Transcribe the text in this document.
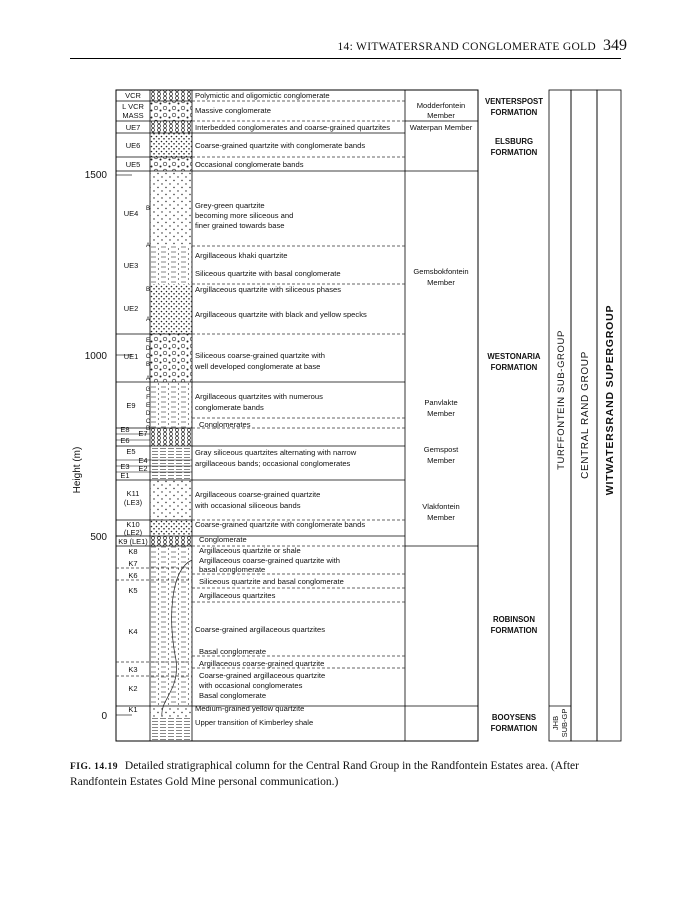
14: WITWATERSRAND CONGLOMERATE GOLD 349
1500
1000
500
0
Height (m)
VCR
L VCR
MASS
UE7
UE6
UE5
UE4
UE3
UE2
UE1
E9
E8 E7
E6
E5
E4
E3 E2
E1
K11
(LE3)
K10
(LE2)
K9 (LE1)
K8
K7
K6
K5
K4
K3
K2
K1
B
A
B
A
E
D
C
B
A
G
F
E
D
C
B
Polymictic and oligomictic conglomerate
Massive conglomerate
Interbedded conglomerates and coarse-grained quartzites
Coarse-grained quartzite with conglomerate bands
Occasional conglomerate bands
Grey-green quartzite
becoming more siliceous and
finer grained towards base
Argillaceous khaki quartzite
Siliceous quartzite with basal conglomerate
Argillaceous quartzite with siliceous phases
Argillaceous quartzite with black and yellow specks
Siliceous coarse-grained quartzite with
well developed conglomerate at base
Argillaceous quartzites with numerous
conglomerate bands
Conglomerates
Gray siliceous quartzites alternating with narrow
argillaceous bands; occasional conglomerates
Argillaceous coarse-grained quartzite
with occasional siliceous bands
Coarse-grained quartzite with conglomerate bands
Conglomerate
Argillaceous quartzite or shale
Argillaceous coarse-grained quartzite with
basal conglomerate
Siliceous quartzite and basal conglomerate
Argillaceous quartzites
Coarse-grained argillaceous quartzites
Basal conglomerate
Argillaceous coarse-grained quartzite
Coarse-grained argillaceous quartzite
with occasional conglomerates
Basal conglomerate
Medium-grained yellow quartzite
Upper transition of Kimberley shale
Modderfontein
Member
Waterpan Member
Gemsbokfontein
Member
Panvlakte
Member
Gemspost
Member
Vlakfontein
Member
VENTERSPOST
FORMATION
ELSBURG
FORMATION
WESTONARIA
FORMATION
ROBINSON
FORMATION
BOOYSENS
FORMATION
TURFFONTEIN SUB-GROUP
JHB SUB-GP
CENTRAL RAND GROUP WITWATERSRAND SUPERGROUP
FIG. 14.19 Detailed stratigraphical column for the Central Rand Group in the Randfontein Estates area. (After Randfontein Estates Gold Mine personal communication.)
